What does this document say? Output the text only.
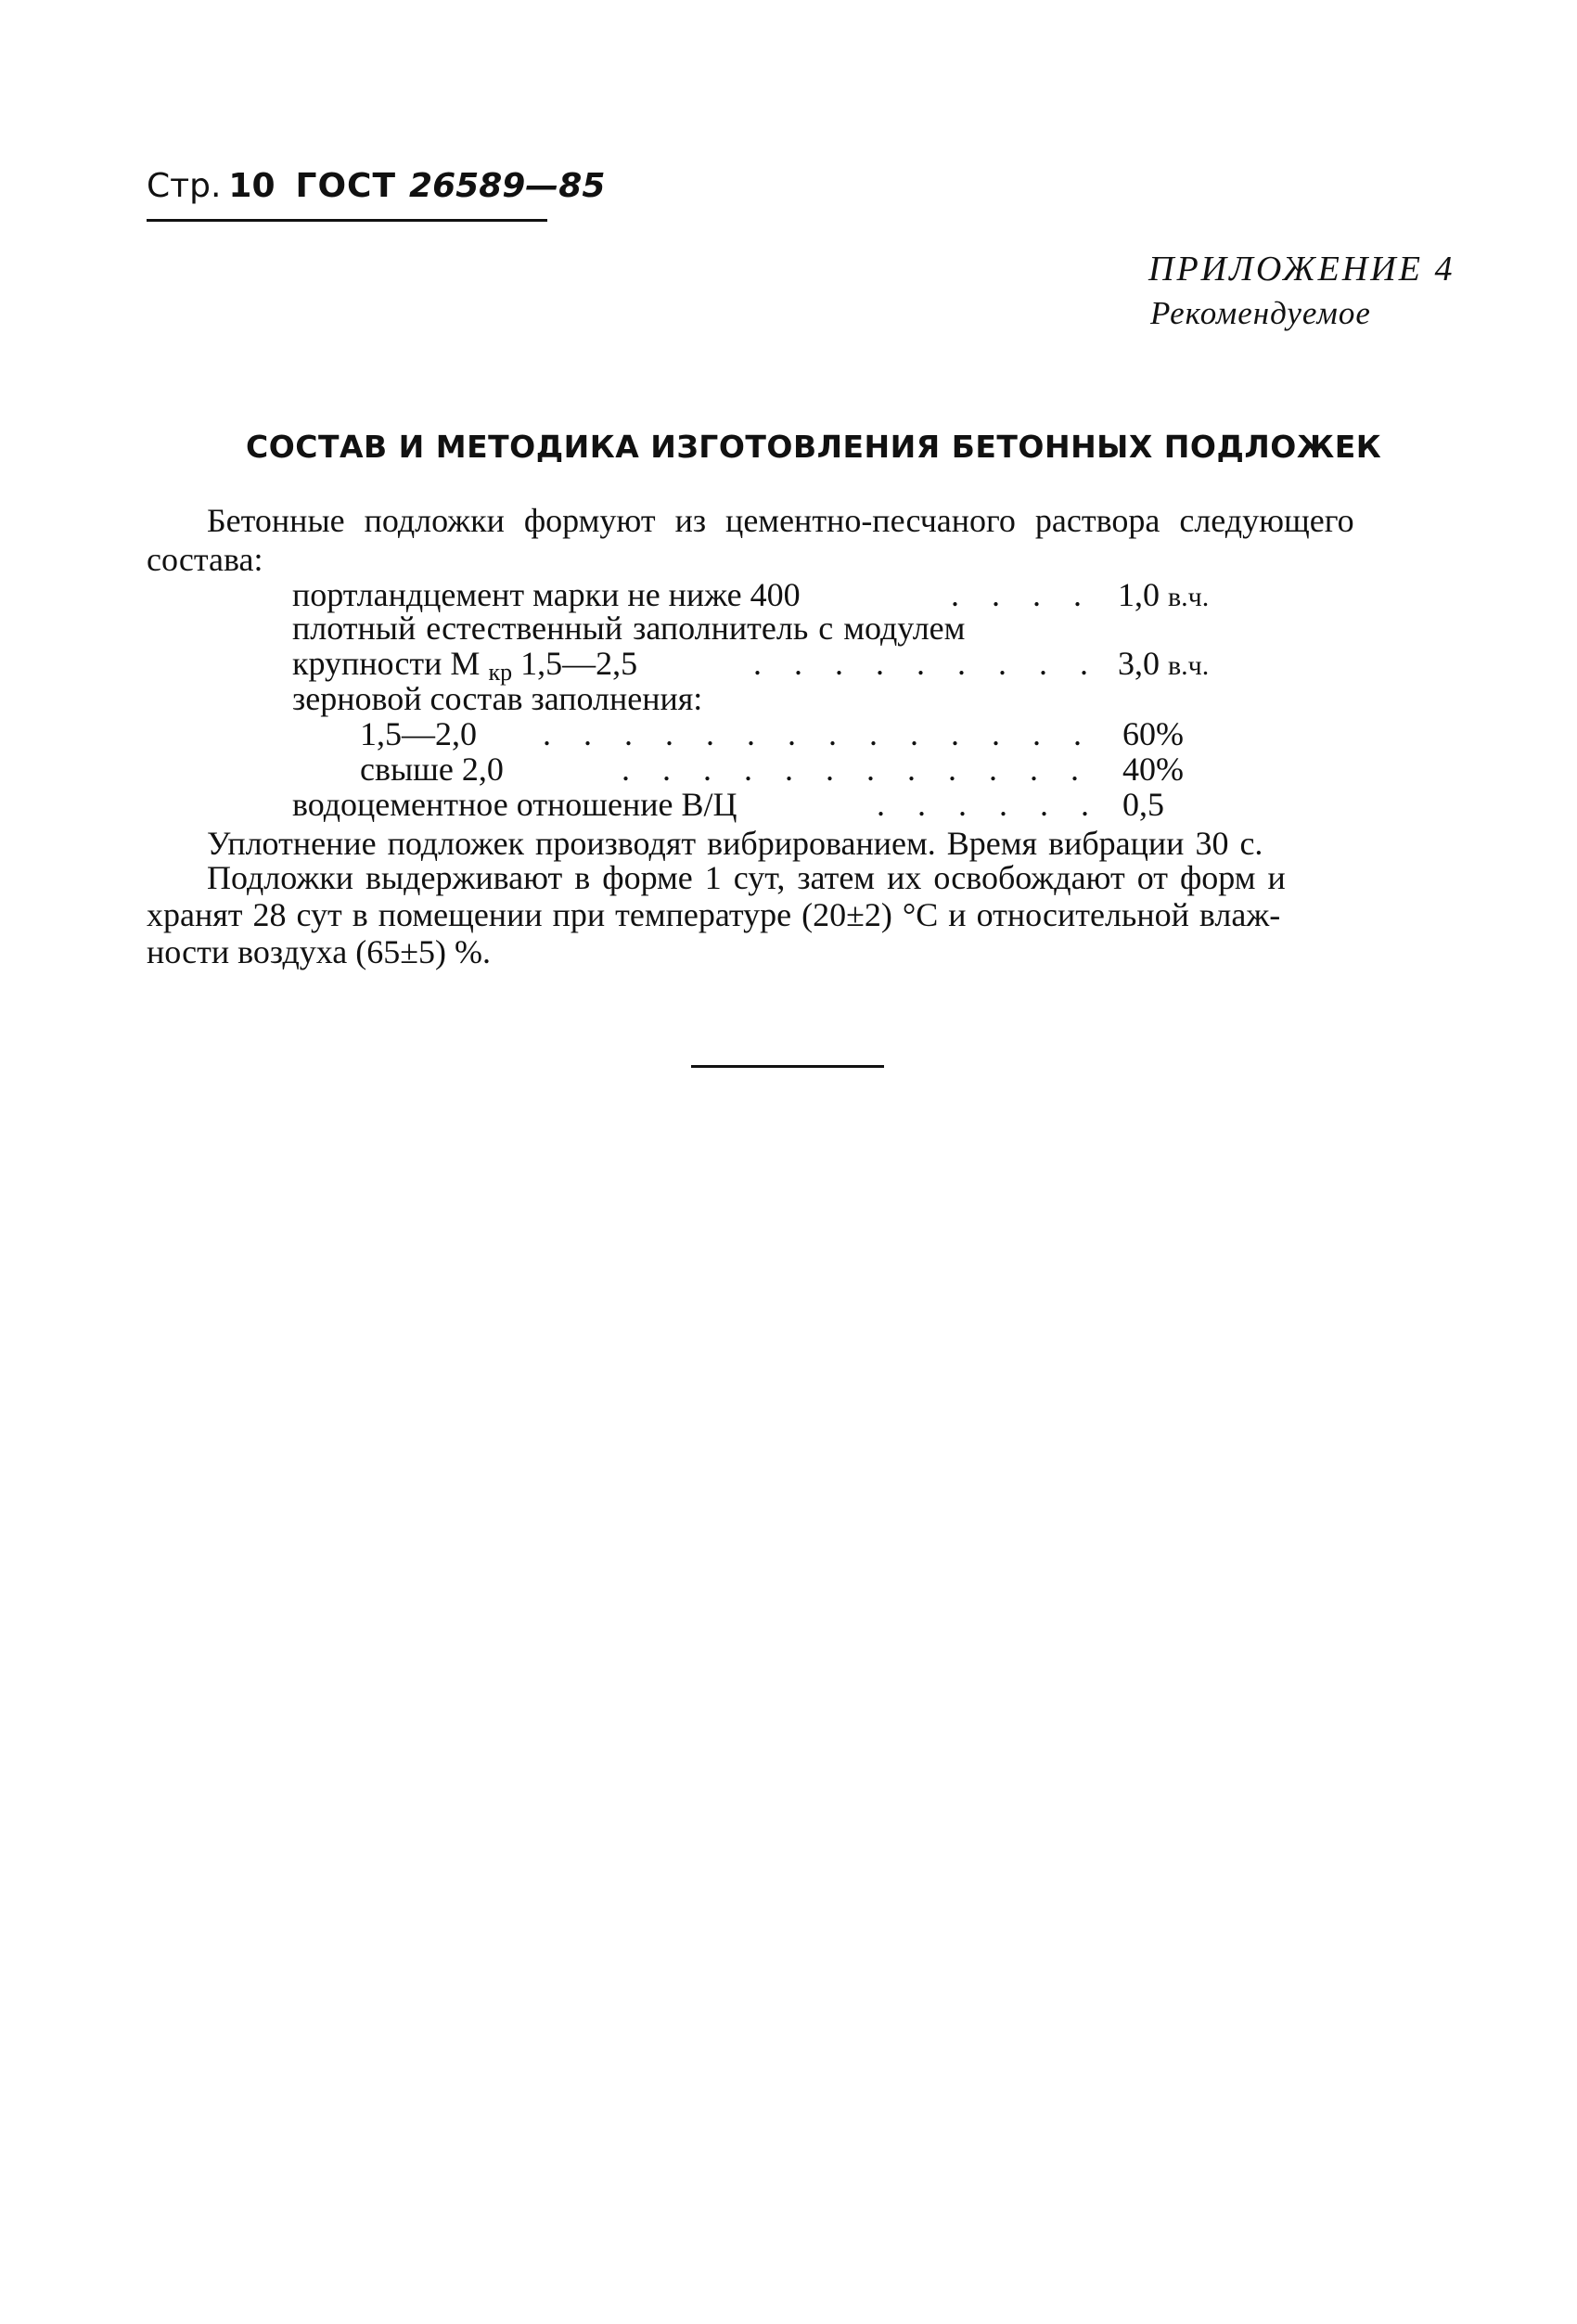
Стр. 10 ГОСТ 26589—85
ПРИЛОЖЕНИЕ 4
Рекомендуемое
СОСТАВ И МЕТОДИКА ИЗГОТОВЛЕНИЯ БЕТОННЫХ ПОДЛОЖЕК
Бетонные подложки формуют из цементно-песчаного раствора следующего
состава:
портландцемент марки не ниже 400	. . . . 1,0 в.ч.
плотный естественный заполнитель с модулем
крупности М $_{кр}$ 1,5—2,5	. . . . . . . . . 3,0 в.ч.
зерновой состав заполнения:
1,5—2,0 . . . . . . . . . . . . . . 60%
свыше 2,0	. . . . . . . . . . . . 40%
водоцементное отношение В/Ц	. . . . . . 0,5
Уплотнение подложек производят вибрированием. Время вибрации 30 с.
Подложки выдерживают в форме 1 сут, затем их освобождают от форм и
хранят 28 сут в помещении при температуре (20±2) °С и относительной влаж-
ности воздуха (65±5) %.
